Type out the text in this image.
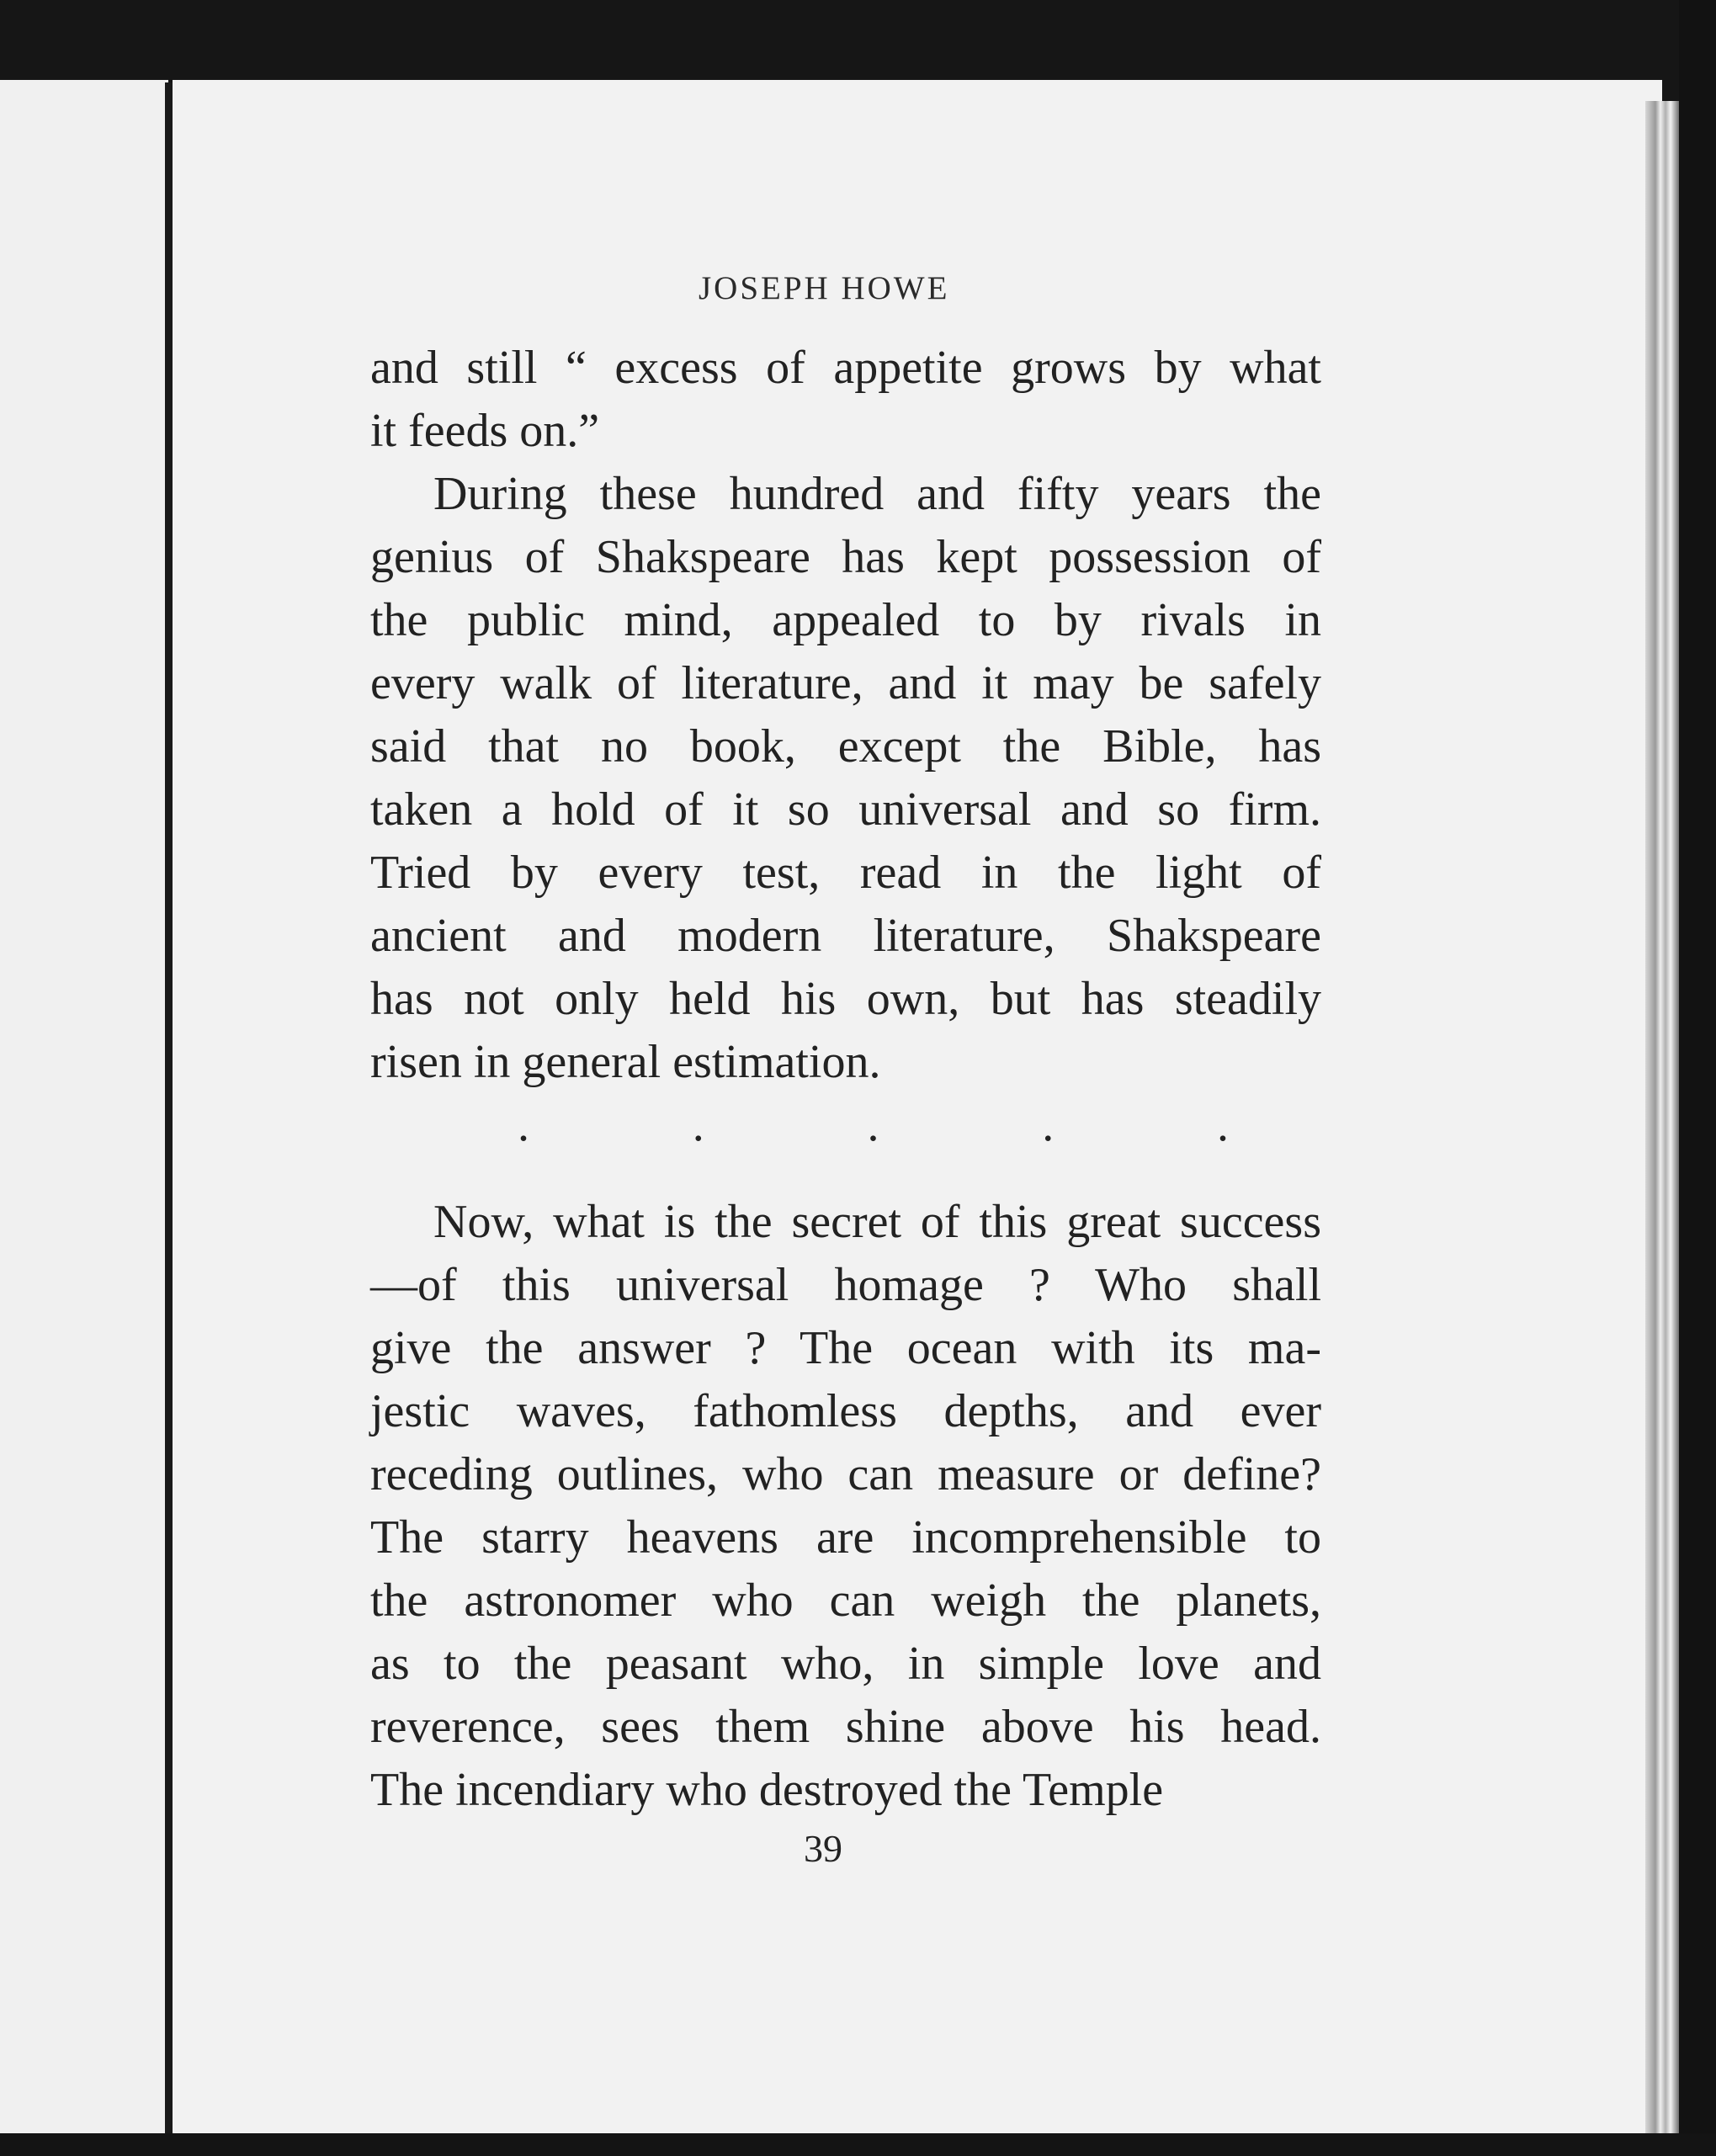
JOSEPH HOWE
and still “ excess of appetite grows by what
it feeds on.”
During these hundred and fifty years the
genius of Shakspeare has kept possession of
the public mind, appealed to by rivals in
every walk of literature, and it may be safely
said that no book, except the Bible, has
taken a hold of it so universal and so firm.
Tried by every test, read in the light of
ancient and modern literature, Shakspeare
has not only held his own, but has steadily
risen in general estimation.
.	.	.	.	.
Now, what is the secret of this great success
—of this universal homage ? Who shall
give the answer ? The ocean with its ma-
jestic waves, fathomless depths, and ever
receding outlines, who can measure or define?
The starry heavens are incomprehensible to
the astronomer who can weigh the planets,
as to the peasant who, in simple love and
reverence, sees them shine above his head.
The incendiary who destroyed the Temple
39
